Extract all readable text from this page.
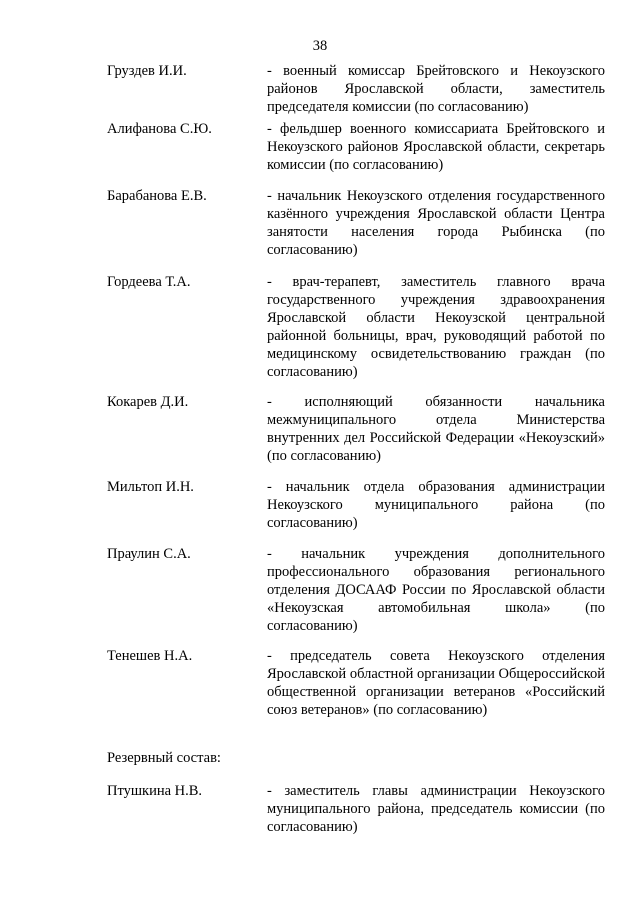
38
Груздев И.И.	- военный комиссар Брейтовского и Некоузского районов Ярославской области, заместитель председателя комиссии (по согласованию)
Алифанова С.Ю.	- фельдшер военного комиссариата Брейтовского и Некоузского районов Ярославской области, секретарь комиссии (по согласованию)
Барабанова Е.В.	- начальник Некоузского отделения государственного казённого учреждения Ярославской области Центра занятости населения города Рыбинска (по согласованию)
Гордеева Т.А.	- врач-терапевт, заместитель главного врача государственного учреждения здравоохранения Ярославской области Некоузской центральной районной больницы, врач, руководящий работой по медицинскому освидетельствованию граждан (по согласованию)
Кокарев Д.И.	- исполняющий обязанности начальника межмуниципального отдела Министерства внутренних дел Российской Федерации «Некоузский» (по согласованию)
Мильтоп И.Н.	- начальник отдела образования администрации Некоузского муниципального района (по согласованию)
Праулин С.А.	- начальник учреждения дополнительного профессионального образования регионального отделения ДОСААФ России по Ярославской области «Некоузская автомобильная школа» (по согласованию)
Тенешев Н.А.	- председатель совета Некоузского отделения Ярославской областной организации Общероссийской общественной организации ветеранов «Российский союз ветеранов» (по согласованию)
Резервный состав:
Птушкина Н.В.	- заместитель главы администрации Некоузского муниципального района, председатель комиссии (по согласованию)
